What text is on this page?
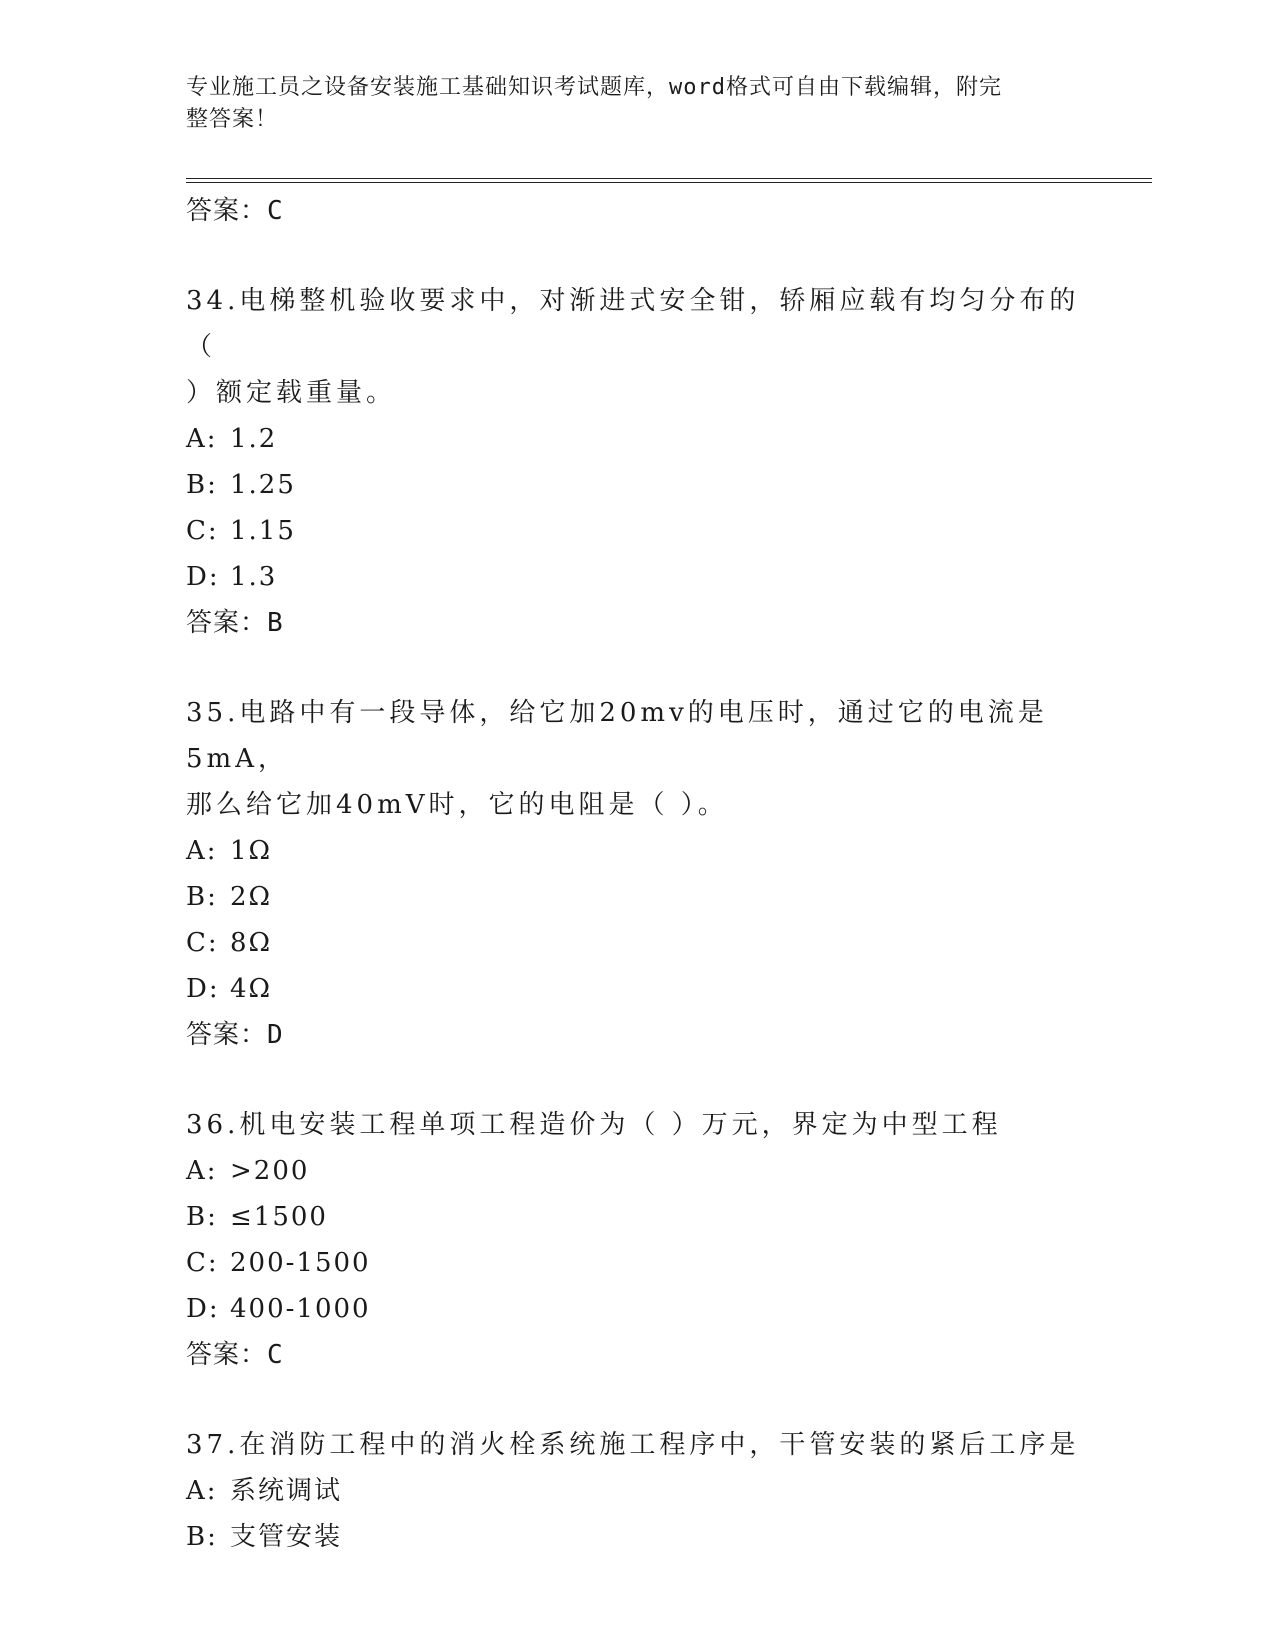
专业施工员之设备安装施工基础知识考试题库，word格式可自由下载编辑，附完
整答案！
答案：C
34.电梯整机验收要求中，对渐进式安全钳，轿厢应载有均匀分布的（
）额定载重量。
A: 1.2
B: 1.25
C: 1.15
D: 1.3
答案：B
35.电路中有一段导体，给它加20mv的电压时，通过它的电流是5mA，
那么给它加40mV时，它的电阻是（ ）。
A: 1Ω
B: 2Ω
C: 8Ω
D: 4Ω
答案：D
36.机电安装工程单项工程造价为（ ）万元，界定为中型工程
A: >200
B: ≤1500
C: 200-1500
D: 400-1000
答案：C
37.在消防工程中的消火栓系统施工程序中，干管安装的紧后工序是
A: 系统调试
B: 支管安装
